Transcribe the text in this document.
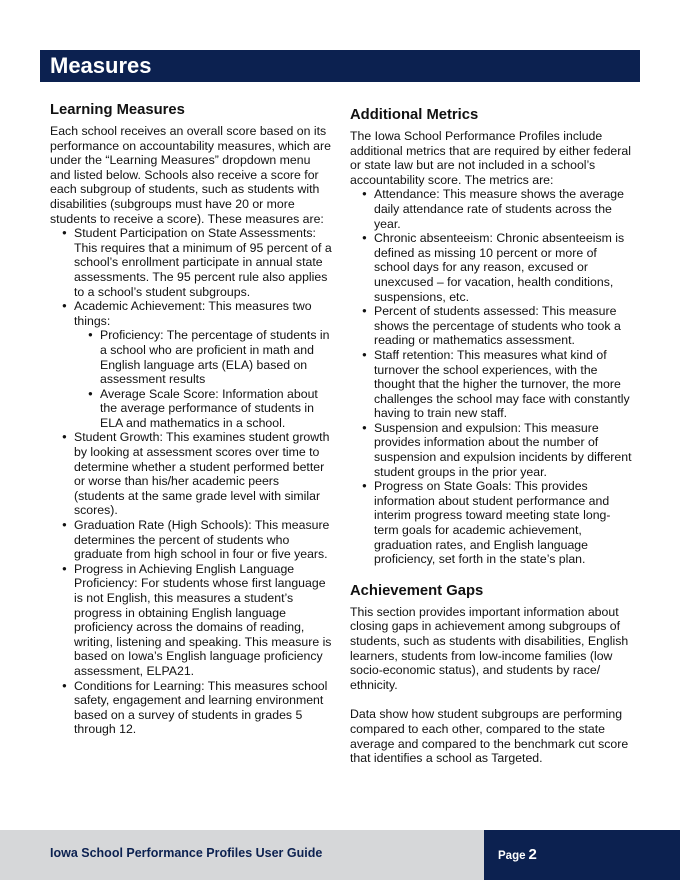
Measures
Learning Measures

Each school receives an overall score based on its performance on accountability measures, which are under the “Learning Measures” dropdown menu and listed below. Schools also receive a score for each subgroup of students, such as students with disabilities (subgroups must have 20 or more students to receive a score). These measures are:

● Student Participation on State Assessments: This requires that a minimum of 95 percent of a school’s enrollment participate in annual state assessments. The 95 percent rule also applies to a school’s student subgroups.
● Academic Achievement: This measures two things:
● Proficiency: The percentage of students in a school who are proficient in math and English language arts (ELA) based on assessment results
● Average Scale Score: Information about the average performance of students in ELA and mathematics in a school.
● Student Growth: This examines student growth by looking at assessment scores over time to determine whether a student performed better or worse than his/her academic peers (students at the same grade level with similar scores).
● Graduation Rate (High Schools): This measure determines the percent of students who graduate from high school in four or five years.
● Progress in Achieving English Language Proficiency: For students whose first language is not English, this measures a student’s progress in obtaining English language proficiency across the domains of reading, writing, listening and speaking. This measure is based on Iowa’s English language proficiency assessment, ELPA21.
● Conditions for Learning: This measures school safety, engagement and learning environment based on a survey of students in grades 5 through 12.
Additional Metrics

The Iowa School Performance Profiles include additional metrics that are required by either federal or state law but are not included in a school’s accountability score. The metrics are:

● Attendance: This measure shows the average daily attendance rate of students across the year.
● Chronic absenteeism: Chronic absenteeism is defined as missing 10 percent or more of school days for any reason, excused or unexcused – for vacation, health conditions, suspensions, etc.
● Percent of students assessed: This measure shows the percentage of students who took a reading or mathematics assessment.
● Staff retention: This measures what kind of turnover the school experiences, with the thought that the higher the turnover, the more challenges the school may face with constantly having to train new staff.
● Suspension and expulsion: This measure provides information about the number of suspension and expulsion incidents by different student groups in the prior year.
● Progress on State Goals: This provides information about student performance and interim progress toward meeting state long-term goals for academic achievement, graduation rates, and English language proficiency, set forth in the state’s plan.
Achievement Gaps

This section provides important information about closing gaps in achievement among subgroups of students, such as students with disabilities, English learners, students from low-income families (low socio-economic status), and students by race/ ethnicity.

Data show how student subgroups are performing compared to each other, compared to the state average and compared to the benchmark cut score that identifies a school as Targeted.

Iowa School Performance Profiles User Guide	Page 2
